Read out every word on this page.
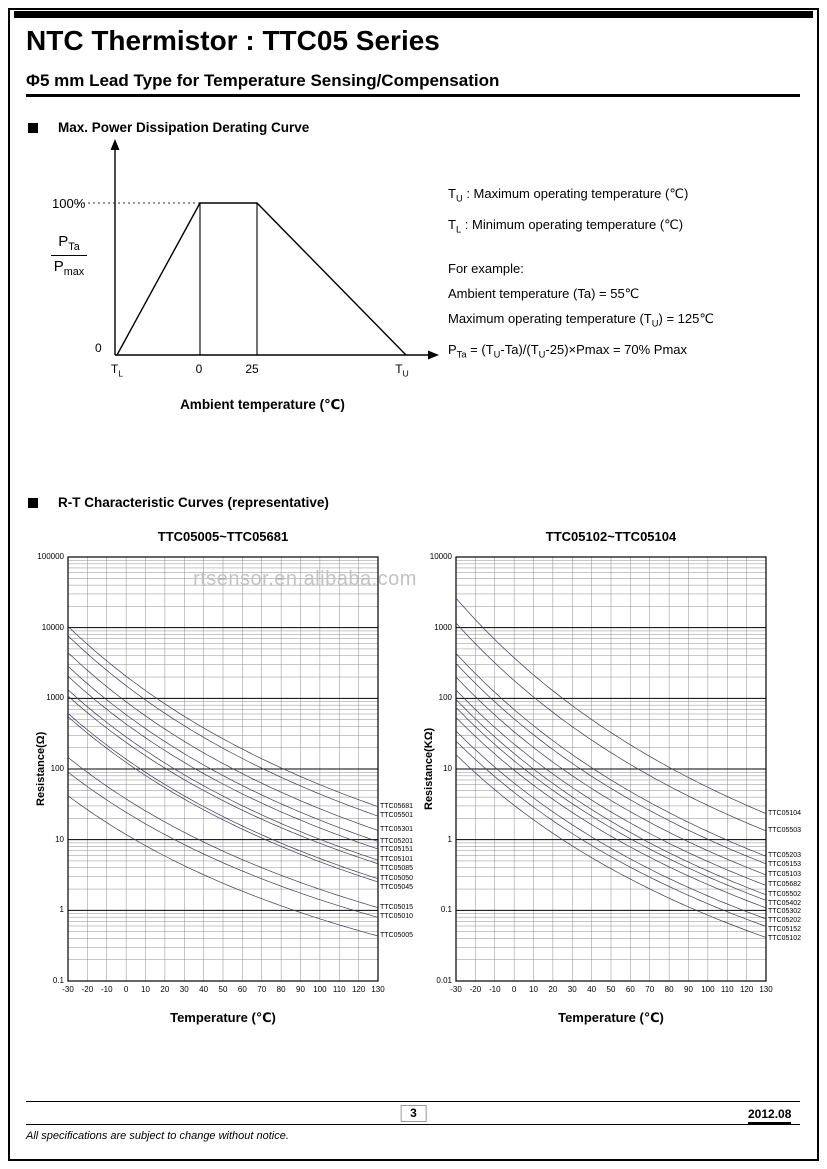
NTC Thermistor : TTC05 Series
Φ5 mm Lead Type for Temperature Sensing/Compensation
Max. Power Dissipation Derating Curve
100%
$P_{Ta}$
$P_{max}$
0
$T_L$	0	25	$T_U$
Ambient temperature (℃)
$T_U$ : Maximum operating temperature (℃)
$T_L$ : Minimum operating temperature (℃)
For example:
Ambient temperature (Ta) = 55℃
Maximum operating temperature $(T_U)$ = 125℃
$P_{Ta} = (T_U-Ta)/(T_U-25)\times Pmax = 70\%$ Pmax
R-T Characteristic Curves (representative)
TTC05005~TTC05681
Resistance(Ω)
Temperature (℃)
100000
10000
1000
100
10
1
0.1
-30 -20 -10	0	10	20	30	40	50	60	70	80	90	100 110 120 130
TTC05681
TTC05501
TTC05301
TTC05201
TTC05151
TTC05101
TTC05085
TTC05050
TTC05045
TTC05015
TTC05010
TTC05005
TTC05102~TTC05104
Resistance(KΩ)
Temperature (℃)
10000
1000
100
10
1
0.1
0.01
-30 -20 -10	0	10	20	30	40	50	60	70	80	90	100 110 120 130
TTC05104
TTC05503
TTC05203
TTC05153
TTC05103
TTC05682
TTC05502
TTC05402
TTC05302
TTC05202
TTC05152
TTC05102
rtsensor.en.alibaba.com
3	2012.08
All specifications are subject to change without notice.
